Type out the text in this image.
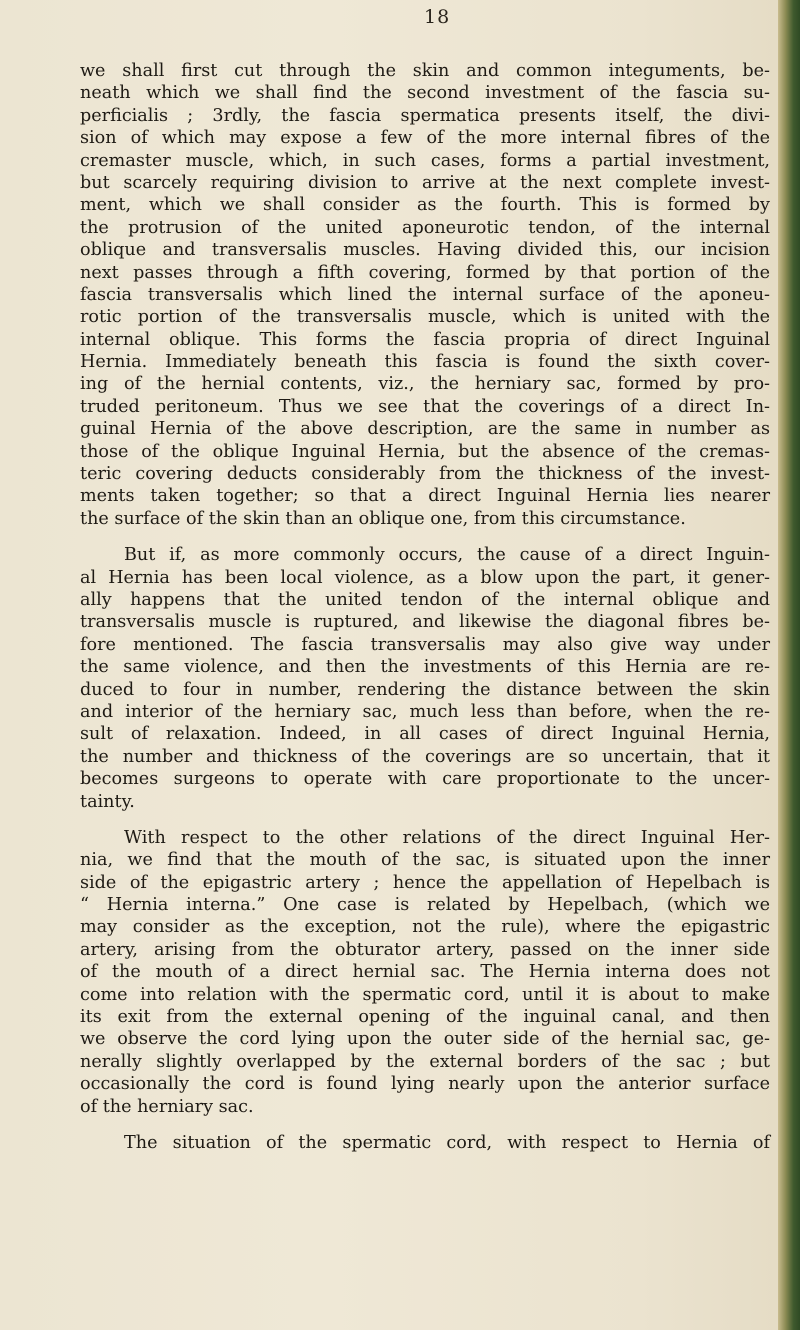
18
we shall first cut through the skin and common integuments, be-
neath which we shall find the second investment of the fascia su-
perficialis ; 3rdly, the fascia spermatica presents itself, the divi-
sion of which may expose a few of the more internal fibres of the
cremaster muscle, which, in such cases, forms a partial investment,
but scarcely requiring division to arrive at the next complete invest-
ment, which we shall consider as the fourth. This is formed by
the protrusion of the united aponeurotic tendon, of the internal
oblique and transversalis muscles. Having divided this, our incision
next passes through a fifth covering, formed by that portion of the
fascia transversalis which lined the internal surface of the aponeu-
rotic portion of the transversalis muscle, which is united with the
internal oblique. This forms the fascia propria of direct Inguinal
Hernia. Immediately beneath this fascia is found the sixth cover-
ing of the hernial contents, viz., the herniary sac, formed by pro-
truded peritoneum. Thus we see that the coverings of a direct In-
guinal Hernia of the above description, are the same in number as
those of the oblique Inguinal Hernia, but the absence of the cremas-
teric covering deducts considerably from the thickness of the invest-
ments taken together; so that a direct Inguinal Hernia lies nearer
the surface of the skin than an oblique one, from this circumstance.
But if, as more commonly occurs, the cause of a direct Inguin-
al Hernia has been local violence, as a blow upon the part, it gener-
ally happens that the united tendon of the internal oblique and
transversalis muscle is ruptured, and likewise the diagonal fibres be-
fore mentioned. The fascia transversalis may also give way under
the same violence, and then the investments of this Hernia are re-
duced to four in number, rendering the distance between the skin
and interior of the herniary sac, much less than before, when the re-
sult of relaxation. Indeed, in all cases of direct Inguinal Hernia,
the number and thickness of the coverings are so uncertain, that it
becomes surgeons to operate with care proportionate to the uncer-
tainty.
With respect to the other relations of the direct Inguinal Her-
nia, we find that the mouth of the sac, is situated upon the inner
side of the epigastric artery ; hence the appellation of Hepelbach is
“ Hernia interna.” One case is related by Hepelbach, (which we
may consider as the exception, not the rule), where the epigastric
artery, arising from the obturator artery, passed on the inner side
of the mouth of a direct hernial sac. The Hernia interna does not
come into relation with the spermatic cord, until it is about to make
its exit from the external opening of the inguinal canal, and then
we observe the cord lying upon the outer side of the hernial sac, ge-
nerally slightly overlapped by the external borders of the sac ; but
occasionally the cord is found lying nearly upon the anterior surface
of the herniary sac.
The situation of the spermatic cord, with respect to Hernia of
